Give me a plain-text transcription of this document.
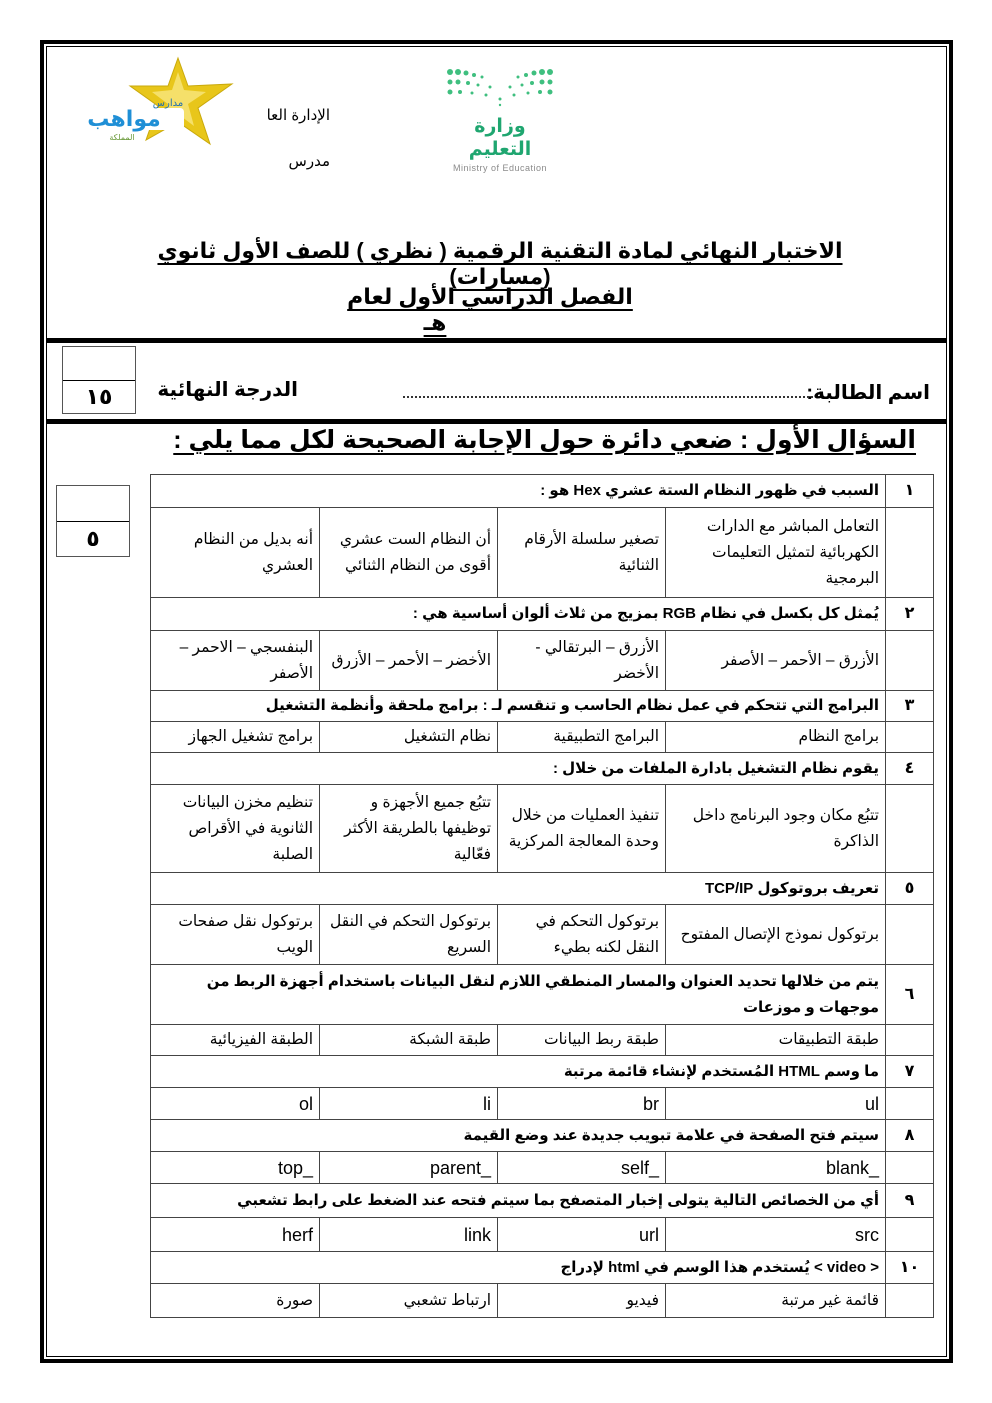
مواهب
مدارس
المملكة
الإدارة العا
مدرس
وزارة التعليم
Ministry of Education
الاختبار النهائي لمادة التقنية الرقمية ( نظري ) للصف الأول ثانوي (مسارات)
الفصل الدراسي الأول لعامهـ
١٥	الدرجة النهائية	اسم الطالبة:
السؤال الأول : ضعي دائرة حول الإجابة الصحيحة لكل مما يلي :
٥
١	السبب في ظهور النظام الستة عشري Hex هو :			
	التعامل المباشر مع الدارات الكهربائية لتمثيل التعليمات البرمجية	تصغير سلسلة الأرقام الثنائية	أن النظام الست عشري أقوى من النظام الثنائي	أنه بديل من النظام العشري
٢	يُمثل كل بكسل في نظام RGB بمزيج من ثلاث ألوان أساسية هي :			
	الأزرق – الأحمر – الأصفر	الأزرق – البرتقالي - الأخضر	الأخضر – الأحمر – الأزرق	البنفسجي – الاحمر – الأصفر
٣	البرامج التي تتحكم في عمل نظام الحاسب و تنقسم لـ : برامج ملحقة وأنظمة التشغيل			
	برامج النظام	البرامج التطبيقية	نظام التشغيل	برامج تشغيل الجهاز
٤	يقوم نظام التشغيل بادارة الملفات من خلال :			
	تتبُع مكان وجود البرنامج داخل الذاكرة	تنفيذ العمليات من خلال وحدة المعالجة المركزية	تتبُع جميع الأجهزة و توظيفها بالطريقة الأكثر فعّالية	تنظيم مخزن البيانات الثانوية في الأقراص الصلبة
٥	تعريف بروتوكول TCP/IP			
	برتوكول نموذج الإتصال المفتوح	برتوكول التحكم في النقل لكنه بطيء	برتوكول التحكم في النقل السريع	برتوكول نقل صفحات الويب
٦	يتم من خلالها تحديد العنوان والمسار المنطقي اللازم لنقل البيانات باستخدام أجهزة الربط من موجهات و موزعات			
	طبقة التطبيقات	طبقة ربط البيانات	طبقة الشبكة	الطبقة الفيزيائية
٧	ما وسم HTML المُستخدم لإنشاء قائمة مرتبة			
	ul	br	li	ol
٨	سيتم فتح الصفحة في علامة تبويب جديدة عند وضع القيمة			
	_blank	_self	_parent	_top
٩	أي من الخصائص التالية يتولى إخبار المتصفح بما سيتم فتحه عند الضغط على رابط تشعبي			
	src	url	link	herf
١٠	< video > يُستخدم هذا الوسم في html لإدراج			
	قائمة غير مرتبة	فيديو	ارتباط تشعبي	صورة
